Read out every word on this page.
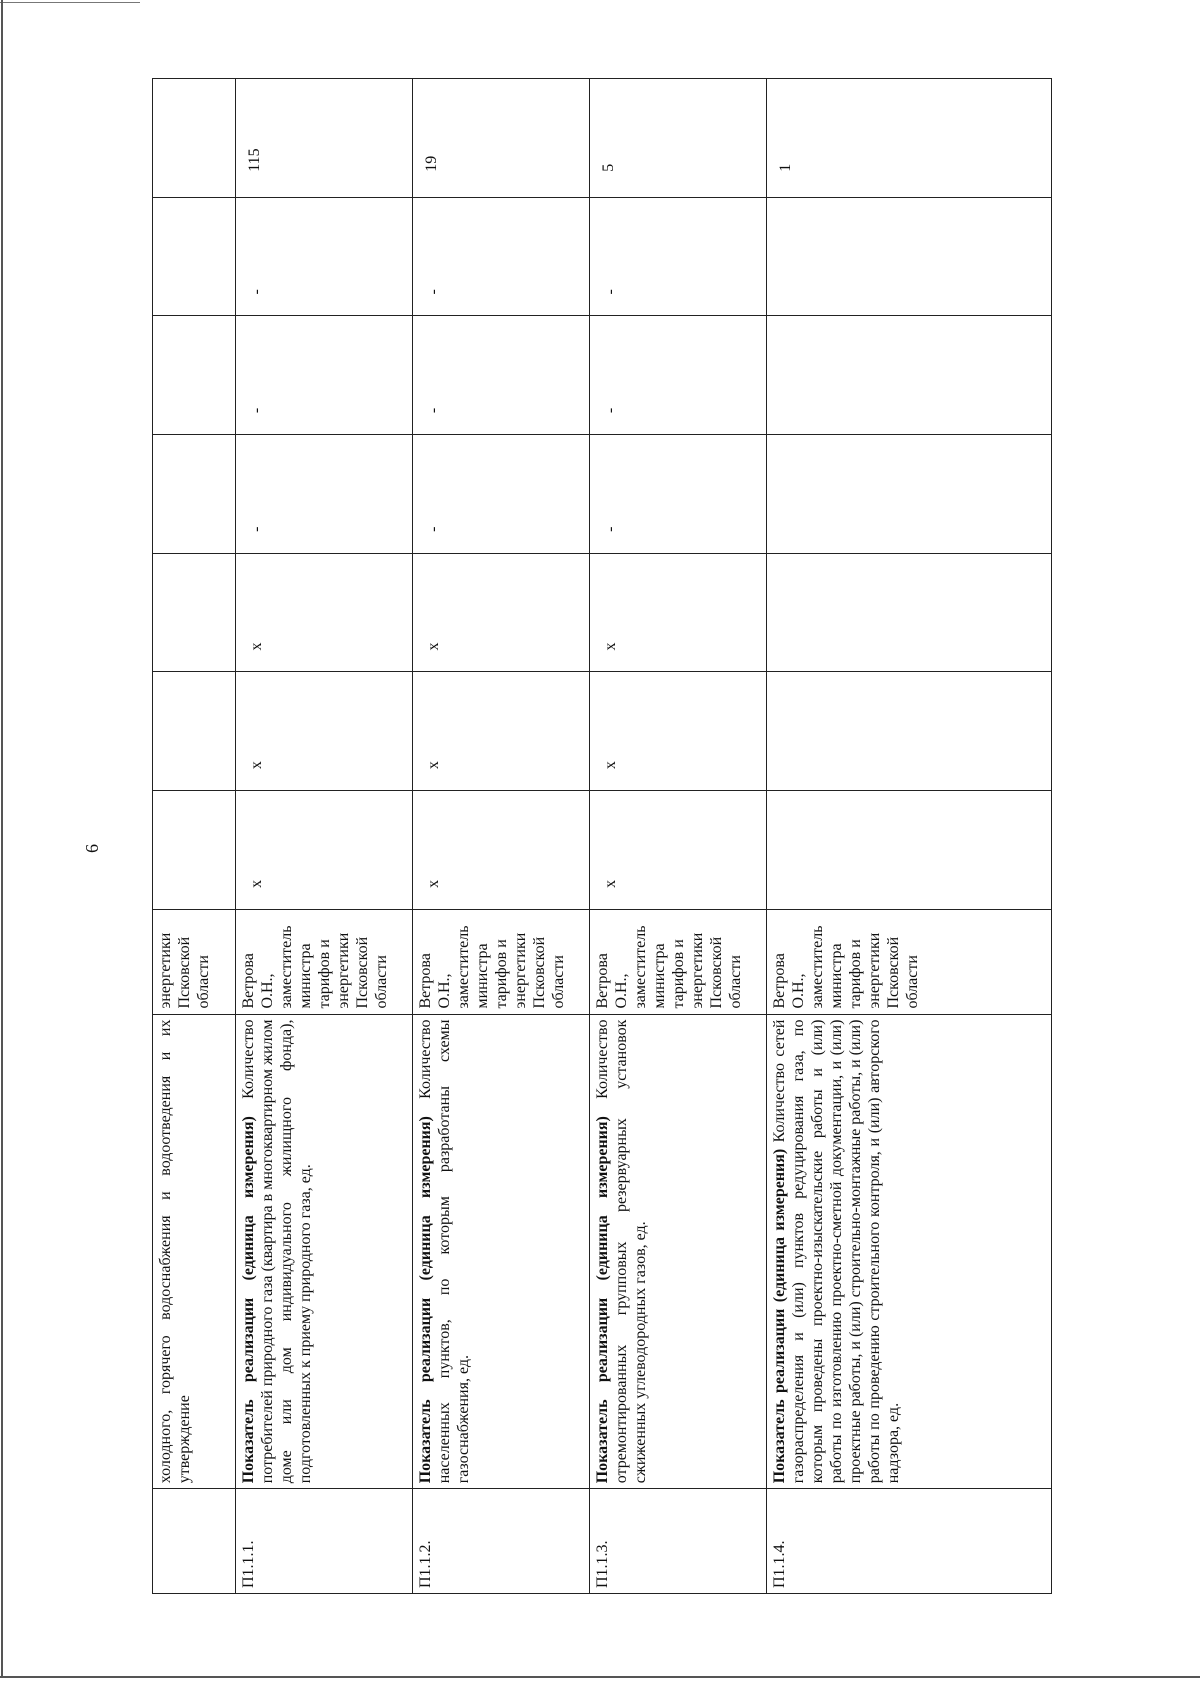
6

	холодного, горячего водоснабжения и водоотведения и их утверждение	энергетики Псковской области							

П1.1.1.	Показатель реализации (единица измерения) Количество потребителей природного газа (квартира в многоквартирном жилом доме или дом индивидуального жилищного фонда), подготовленных к приему природного газа, ед.	Ветрова О.Н., заместитель министра тарифов и энергетики Псковской области	х	х	х	-	-	-	115

П1.1.2.	Показатель реализации (единица измерения) Количество населенных пунктов, по которым разработаны схемы газоснабжения, ед.	Ветрова О.Н., заместитель министра тарифов и энергетики Псковской области	х	х	х	-	-	-	19

П1.1.3.	Показатель реализации (единица измерения) Количество отремонтированных групповых резервуарных установок сжиженных углеводородных газов, ед.	Ветрова О.Н., заместитель министра тарифов и энергетики Псковской области	х	х	х	-	-	-	5

П1.1.4.	Показатель реализации (единица измерения) Количество сетей газораспределения и (или) пунктов редуцирования газа, по которым проведены проектно-изыскательские работы и (или) работы по изготовлению проектно-сметной документации, и (или) проектные работы, и (или) строительно-монтажные работы, и (или) работы по проведению строительного контроля, и (или) авторского надзора, ед.	Ветрова О.Н., заместитель министра тарифов и энергетики Псковской области							1
